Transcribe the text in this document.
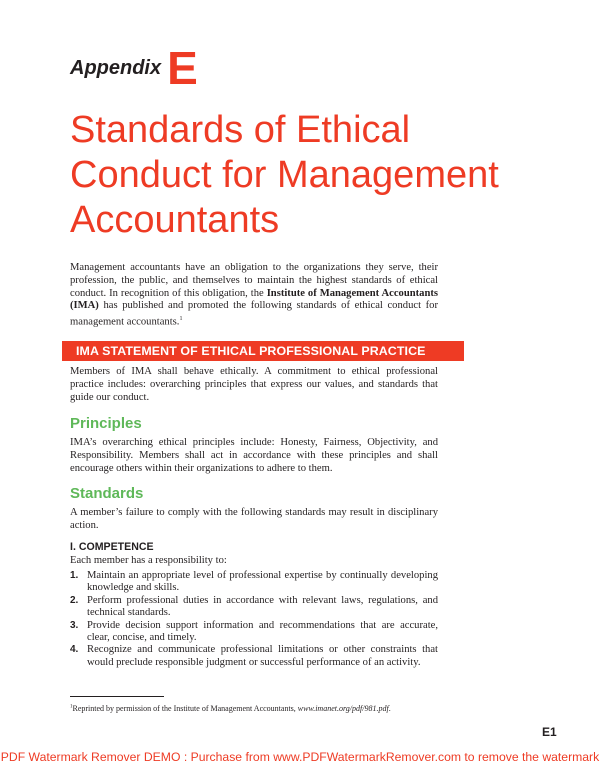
Appendix E
Standards of Ethical Conduct for Management Accountants

Management accountants have an obligation to the organizations they serve, their profession, the public, and themselves to maintain the highest standards of ethical conduct. In recognition of this obligation, the Institute of Management Accountants (IMA) has published and promoted the following standards of ethical conduct for management accountants.$^1$

IMA STATEMENT OF ETHICAL PROFESSIONAL PRACTICE

Members of IMA shall behave ethically. A commitment to ethical professional practice includes: overarching principles that express our values, and standards that guide our conduct.

Principles

IMA’s overarching ethical principles include: Honesty, Fairness, Objectivity, and Responsibility. Members shall act in accordance with these principles and shall encourage others within their organizations to adhere to them.

Standards

A member’s failure to comply with the following standards may result in disciplinary action.

I. COMPETENCE

Each member has a responsibility to:

1. Maintain an appropriate level of professional expertise by continually developing knowledge and skills.
2. Perform professional duties in accordance with relevant laws, regulations, and technical standards.
3. Provide decision support information and recommendations that are accurate, clear, concise, and timely.
4. Recognize and communicate professional limitations or other constraints that would preclude responsible judgment or successful performance of an activity.
$^1$Reprinted by permission of the Institute of Management Accountants, www.imanet.org/pdf/981.pdf.
E1
PDF Watermark Remover DEMO : Purchase from www.PDFWatermarkRemover.com to remove the watermark
